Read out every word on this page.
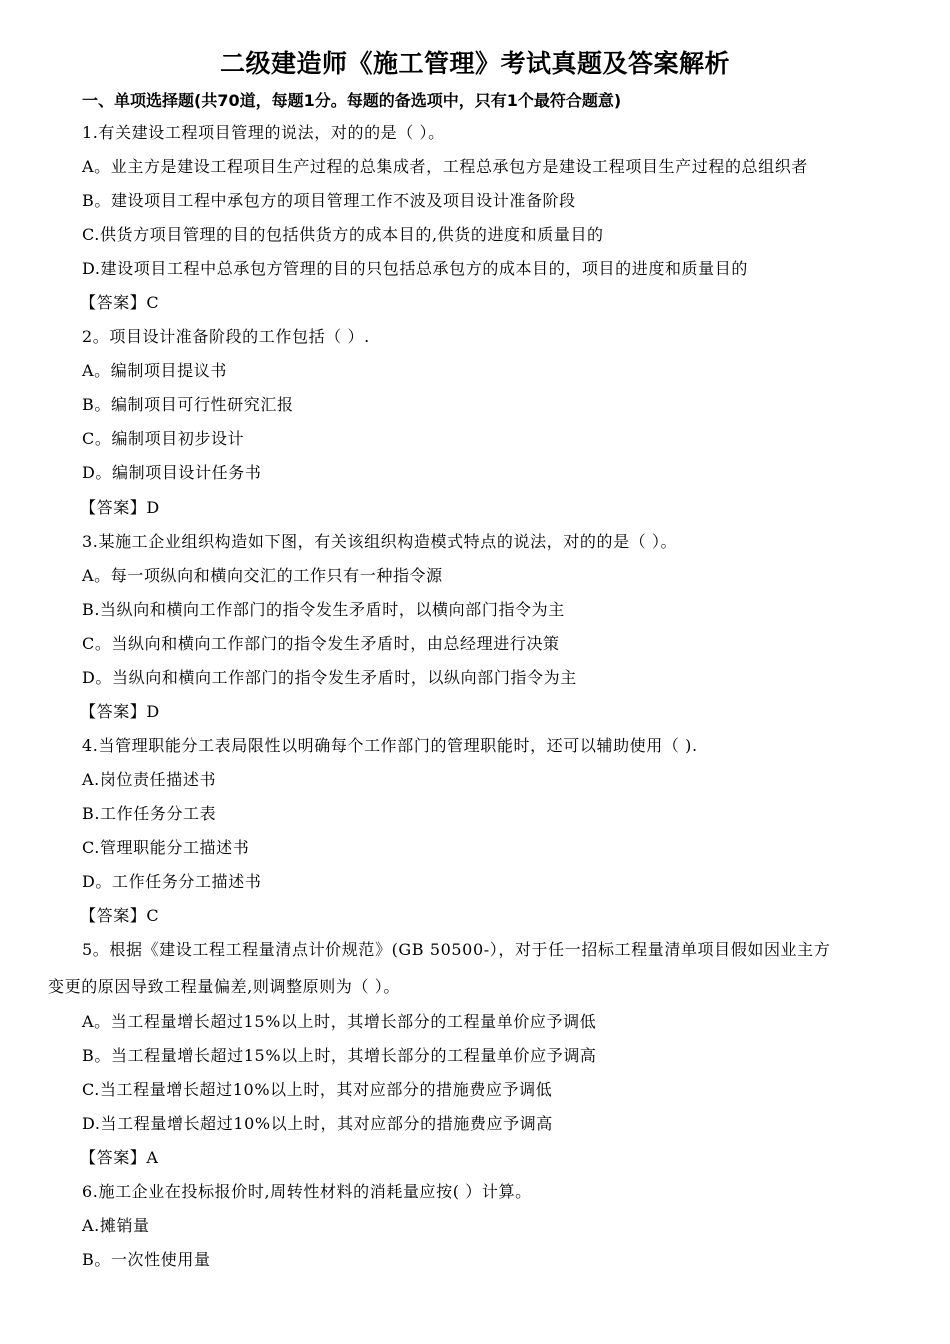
二级建造师《施工管理》考试真题及答案解析
一、单项选择题(共70道，每题1分。每题的备选项中，只有1个最符合题意)
1.有关建设工程项目管理的说法，对的的是（ ）。
A。业主方是建设工程项目生产过程的总集成者，工程总承包方是建设工程项目生产过程的总组织者
B。建设项目工程中承包方的项目管理工作不波及项目设计准备阶段
C.供货方项目管理的目的包括供货方的成本目的,供货的进度和质量目的
D.建设项目工程中总承包方管理的目的只包括总承包方的成本目的，项目的进度和质量目的
【答案】C
2。项目设计准备阶段的工作包括（ ）.
A。编制项目提议书
B。编制项目可行性研究汇报
C。编制项目初步设计
D。编制项目设计任务书
【答案】D
3.某施工企业组织构造如下图，有关该组织构造模式特点的说法，对的的是（ ）。
A。每一项纵向和横向交汇的工作只有一种指令源
B.当纵向和横向工作部门的指令发生矛盾时，以横向部门指令为主
C。当纵向和横向工作部门的指令发生矛盾时，由总经理进行决策
D。当纵向和横向工作部门的指令发生矛盾时，以纵向部门指令为主
【答案】D
4.当管理职能分工表局限性以明确每个工作部门的管理职能时，还可以辅助使用（ ).
A.岗位责任描述书
B.工作任务分工表
C.管理职能分工描述书
D。工作任务分工描述书
【答案】C
5。根据《建设工程工程量清点计价规范》(GB 50500-），对于任一招标工程量清单项目假如因业主方
变更的原因导致工程量偏差,则调整原则为（ ）。
A。当工程量增长超过15%以上时，其增长部分的工程量单价应予调低
B。当工程量增长超过15%以上时，其增长部分的工程量单价应予调高
C.当工程量增长超过10%以上时，其对应部分的措施费应予调低
D.当工程量增长超过10%以上时，其对应部分的措施费应予调高
【答案】A
6.施工企业在投标报价时,周转性材料的消耗量应按( ）计算。
A.摊销量
B。一次性使用量
